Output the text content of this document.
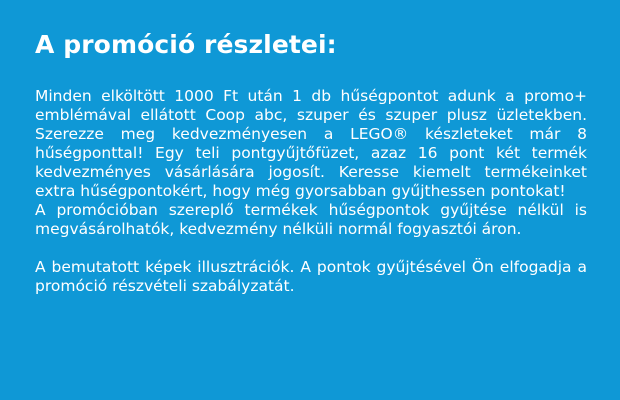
A promóció részletei:

Minden elköltött 1000 Ft után 1 db hűségpontot adunk a promo+ emblémával ellátott Coop abc, szuper és szuper plusz üzletekben. Szerezze meg kedvezményesen a LEGO® készleteket már 8 hűségponttal! Egy teli pontgyűjtőfüzet, azaz 16 pont két termék kedvezményes vásárlására jogosít. Keresse kiemelt termékeinket extra hűségpontokért, hogy még gyorsabban gyűjthessen pontokat!

A promócióban szereplő termékek hűségpontok gyűjtése nélkül is megvásárolhatók, kedvezmény nélküli normál fogyasztói áron.

A bemutatott képek illusztrációk. A pontok gyűjtésével Ön elfogadja a promóció részvételi szabályzatát.
